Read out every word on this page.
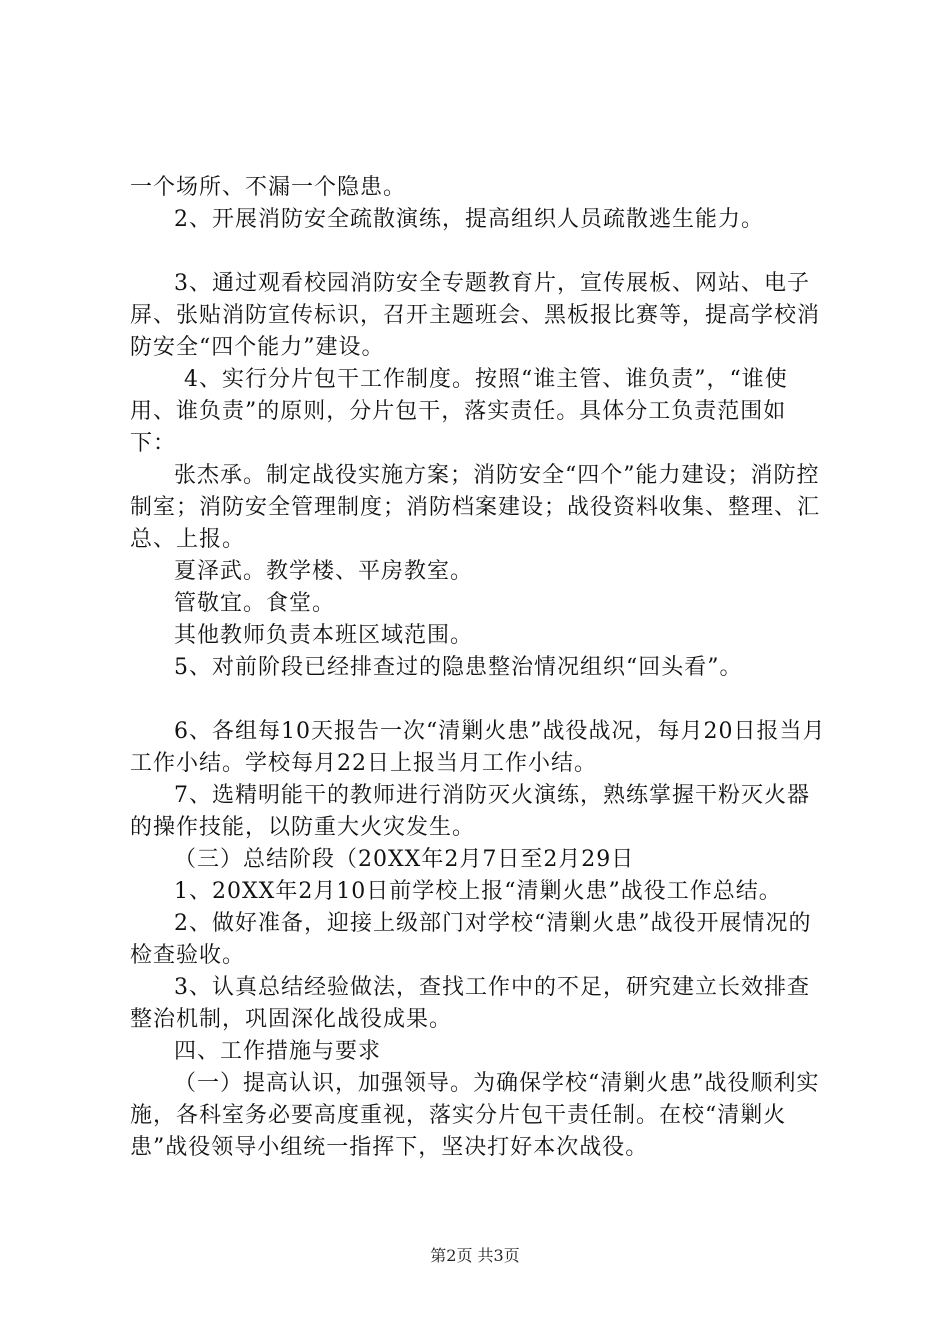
一个场所、不漏一个隐患。

2、开展消防安全疏散演练，提高组织人员疏散逃生能力。

3、通过观看校园消防安全专题教育片，宣传展板、网站、电子屏、张贴消防宣传标识，召开主题班会、黑板报比赛等，提高学校消防安全“四个能力”建设。

4、实行分片包干工作制度。按照“谁主管、谁负责”，“谁使用、谁负责”的原则，分片包干，落实责任。具体分工负责范围如下：

张杰承。制定战役实施方案；消防安全“四个”能力建设；消防控制室；消防安全管理制度；消防档案建设；战役资料收集、整理、汇总、上报。

夏泽武。教学楼、平房教室。

管敬宜。食堂。

其他教师负责本班区域范围。

5、对前阶段已经排查过的隐患整治情况组织“回头看”。

6、各组每10天报告一次“清剿火患”战役战况，每月20日报当月工作小结。学校每月22日上报当月工作小结。

7、选精明能干的教师进行消防灭火演练，熟练掌握干粉灭火器的操作技能，以防重大火灾发生。

（三）总结阶段（20XX年2月7日至2月29日

1、20XX年2月10日前学校上报“清剿火患”战役工作总结。

2、做好准备，迎接上级部门对学校“清剿火患”战役开展情况的检查验收。

3、认真总结经验做法，查找工作中的不足，研究建立长效排查整治机制，巩固深化战役成果。

四、工作措施与要求

（一）提高认识，加强领导。为确保学校“清剿火患”战役顺利实施，各科室务必要高度重视，落实分片包干责任制。在校“清剿火患”战役领导小组统一指挥下，坚决打好本次战役。

第2页 共3页
